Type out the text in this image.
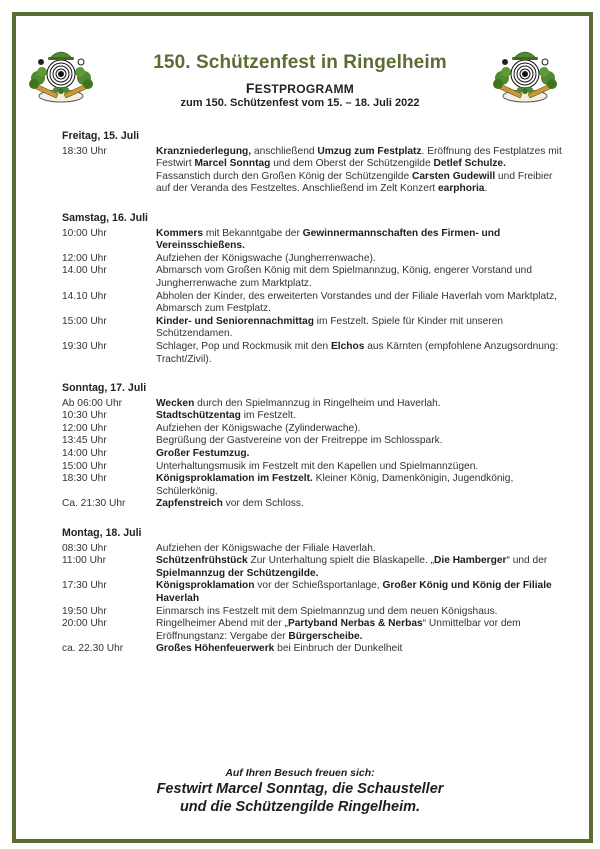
150. Schützenfest in Ringelheim
FESTPROGRAMM
zum 150. Schützenfest vom 15. – 18. Juli 2022
Freitag, 15. Juli
18:30 Uhr	Kranzniederlegung, anschließend Umzug zum Festplatz. Eröffnung des Festplatzes mit Festwirt Marcel Sonntag und dem Oberst der Schützengilde Detlef Schulze. Fassanstich durch den Großen König der Schützengilde Carsten Gudewill und Freibier auf der Veranda des Festzeltes. Anschließend im Zelt Konzert earphoria.
Samstag, 16. Juli
10:00 Uhr	Kommers mit Bekanntgabe der Gewinnermannschaften des Firmen- und Vereinsschießens.
12:00 Uhr	Aufziehen der Königswache (Jungherrenwache).
14.00 Uhr	Abmarsch vom Großen König mit dem Spielmannzug, König, engerer Vorstand und Jungherrenwache zum Marktplatz.
14.10 Uhr	Abholen der Kinder, des erweiterten Vorstandes und der Filiale Haverlah vom Marktplatz, Abmarsch zum Festplatz.
15:00 Uhr	Kinder- und Seniorennachmittag im Festzelt. Spiele für Kinder mit unseren Schützendamen.
19:30 Uhr	Schlager, Pop und Rockmusik mit den Elchos aus Kärnten (empfohlene Anzugsordnung: Tracht/Zivil).
Sonntag, 17. Juli
Ab 06:00 Uhr	Wecken durch den Spielmannzug in Ringelheim und Haverlah.
10:30 Uhr	Stadtschützentag im Festzelt.
12:00 Uhr	Aufziehen der Königswache (Zylinderwache).
13:45 Uhr	Begrüßung der Gastvereine von der Freitreppe im Schlosspark.
14:00 Uhr	Großer Festumzug.
15:00 Uhr	Unterhaltungsmusik im Festzelt mit den Kapellen und Spielmannzügen.
18:30 Uhr	Königsproklamation im Festzelt. Kleiner König, Damenkönigin, Jugendkönig, Schülerkönig.
Ca. 21:30 Uhr	Zapfenstreich vor dem Schloss.
Montag, 18. Juli
08:30 Uhr	Aufziehen der Königswache der Filiale Haverlah.
11:00 Uhr	Schützenfrühstück Zur Unterhaltung spielt die Blaskapelle. „Die Hamberger“ und der Spielmannzug der Schützengilde.
17:30 Uhr	Königsproklamation vor der Schießsportanlage, Großer König und König der Filiale Haverlah
19:50 Uhr	Einmarsch ins Festzelt mit dem Spielmannzug und dem neuen Königshaus.
20:00 Uhr	Ringelheimer Abend mit der „Partyband Nerbas & Nerbas“ Unmittelbar vor dem Eröffnungstanz: Vergabe der Bürgerscheibe.
ca. 22.30 Uhr	Großes Höhenfeuerwerk bei Einbruch der Dunkelheit
Auf Ihren Besuch freuen sich:
Festwirt Marcel Sonntag, die Schausteller
und die Schützengilde Ringelheim.
